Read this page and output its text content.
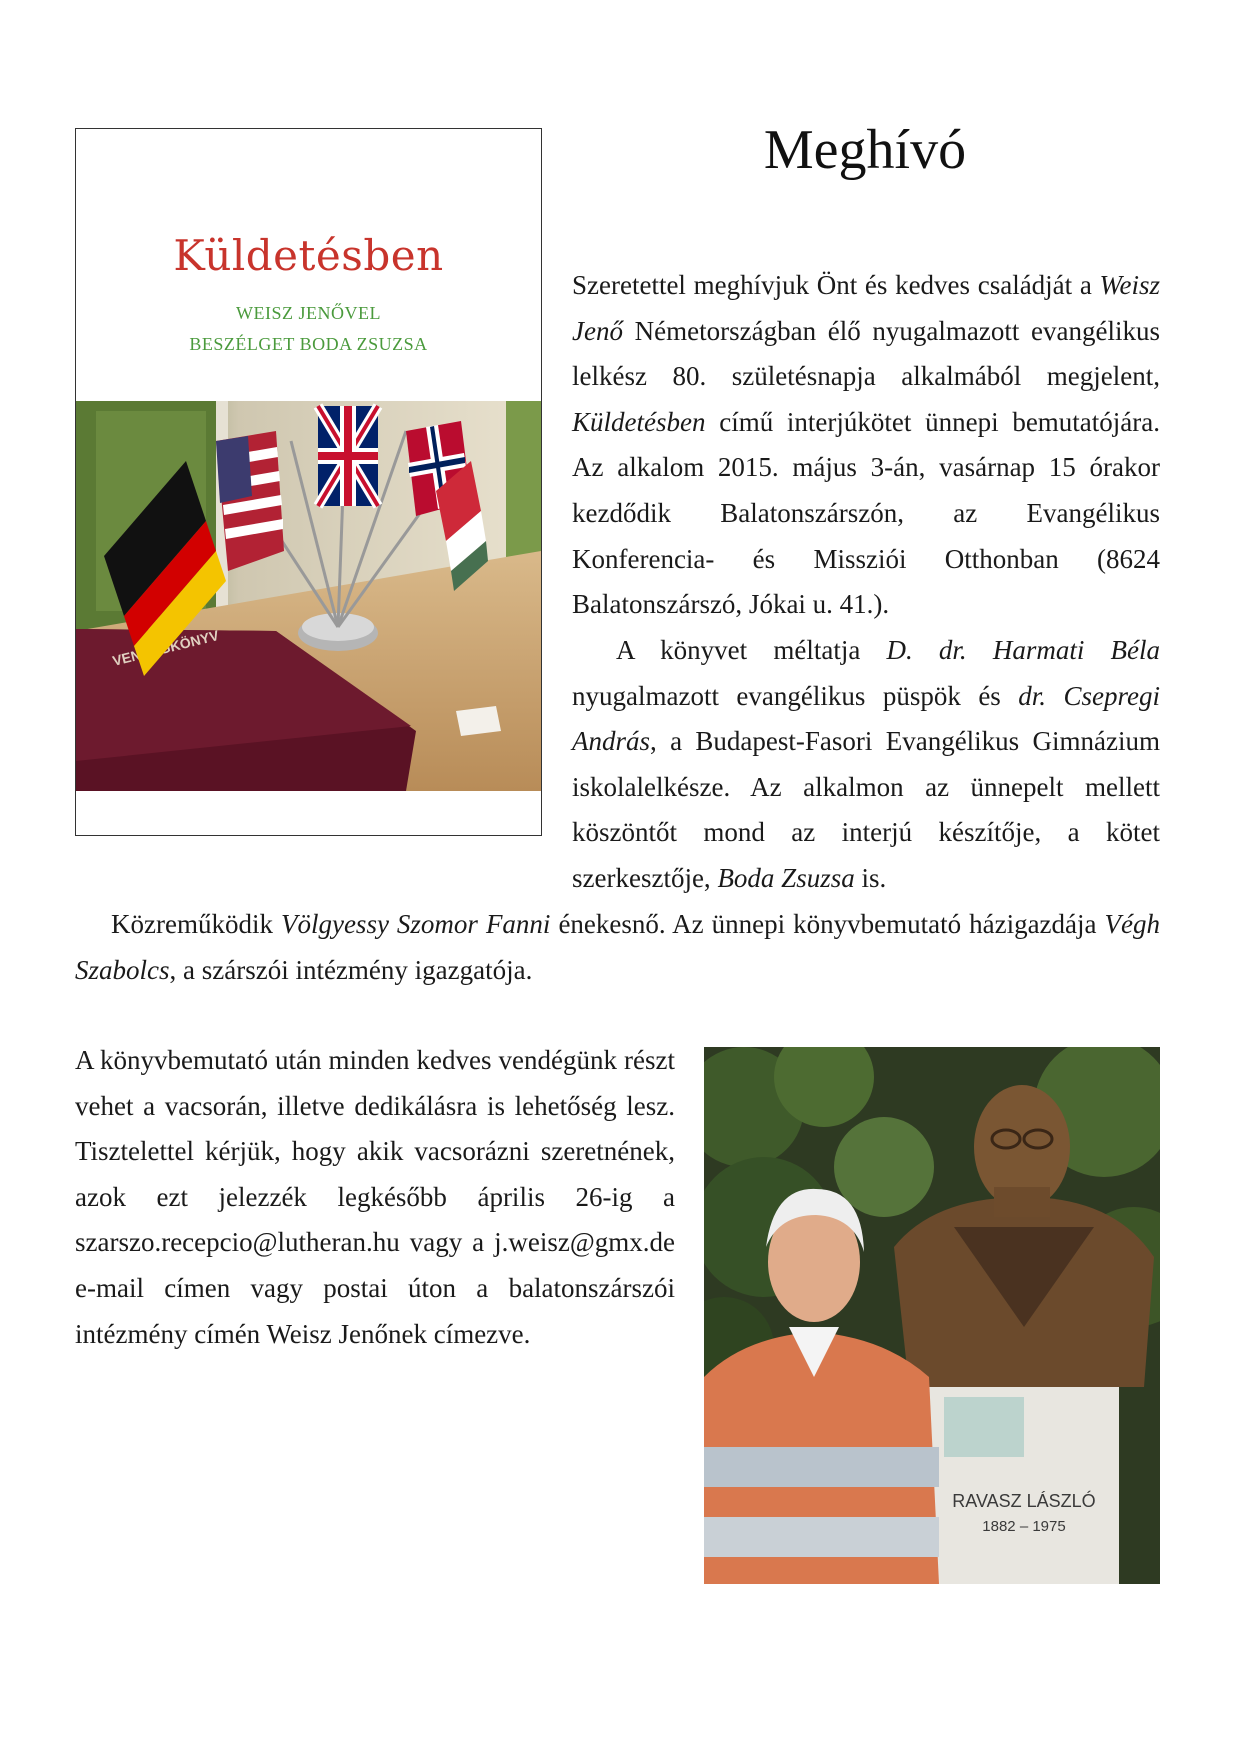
Küldetésben
WEISZ JENŐVEL
BESZÉLGET BODA ZSUZSA
Meghívó
Szeretettel meghívjuk Önt és kedves családját a Weisz Jenő Németországban élő nyugalmazott evangélikus lelkész 80. születésnapja alkalmából megjelent, Küldetésben című interjúkötet ünnepi bemutatójára. Az alkalom 2015. május 3-án, vasárnap 15 órakor kezdődik Balatonszárszón, az Evangélikus Konferencia- és Missziói Otthonban (8624 Balatonszárszó, Jókai u. 41.).
A könyvet méltatja D. dr. Harmati Béla nyugalmazott evangélikus püspök és dr. Csepregi András, a Budapest-Fasori Evangélikus Gimnázium iskolalelkésze. Az alkalmon az ünnepelt mellett köszöntőt mond az interjú készítője, a kötet szerkesztője, Boda Zsuzsa is.
Közreműködik Völgyessy Szomor Fanni énekesnő. Az ünnepi könyvbemutató házigazdája Végh Szabolcs, a szárszói intézmény igazgatója.
A könyvbemutató után minden kedves vendégünk részt vehet a vacsorán, illetve dedikálásra is lehetőség lesz. Tisztelettel kérjük, hogy akik vacsorázni szeretnének, azok ezt jelezzék legkésőbb április 26-ig a szarszo.recepcio@lutheran.hu vagy a j.weisz@gmx.de e-mail címen vagy postai úton a balatonszárszói intézmény címén Weisz Jenőnek címezve.
RAVASZ LÁSZLÓ
1882 – 1975
